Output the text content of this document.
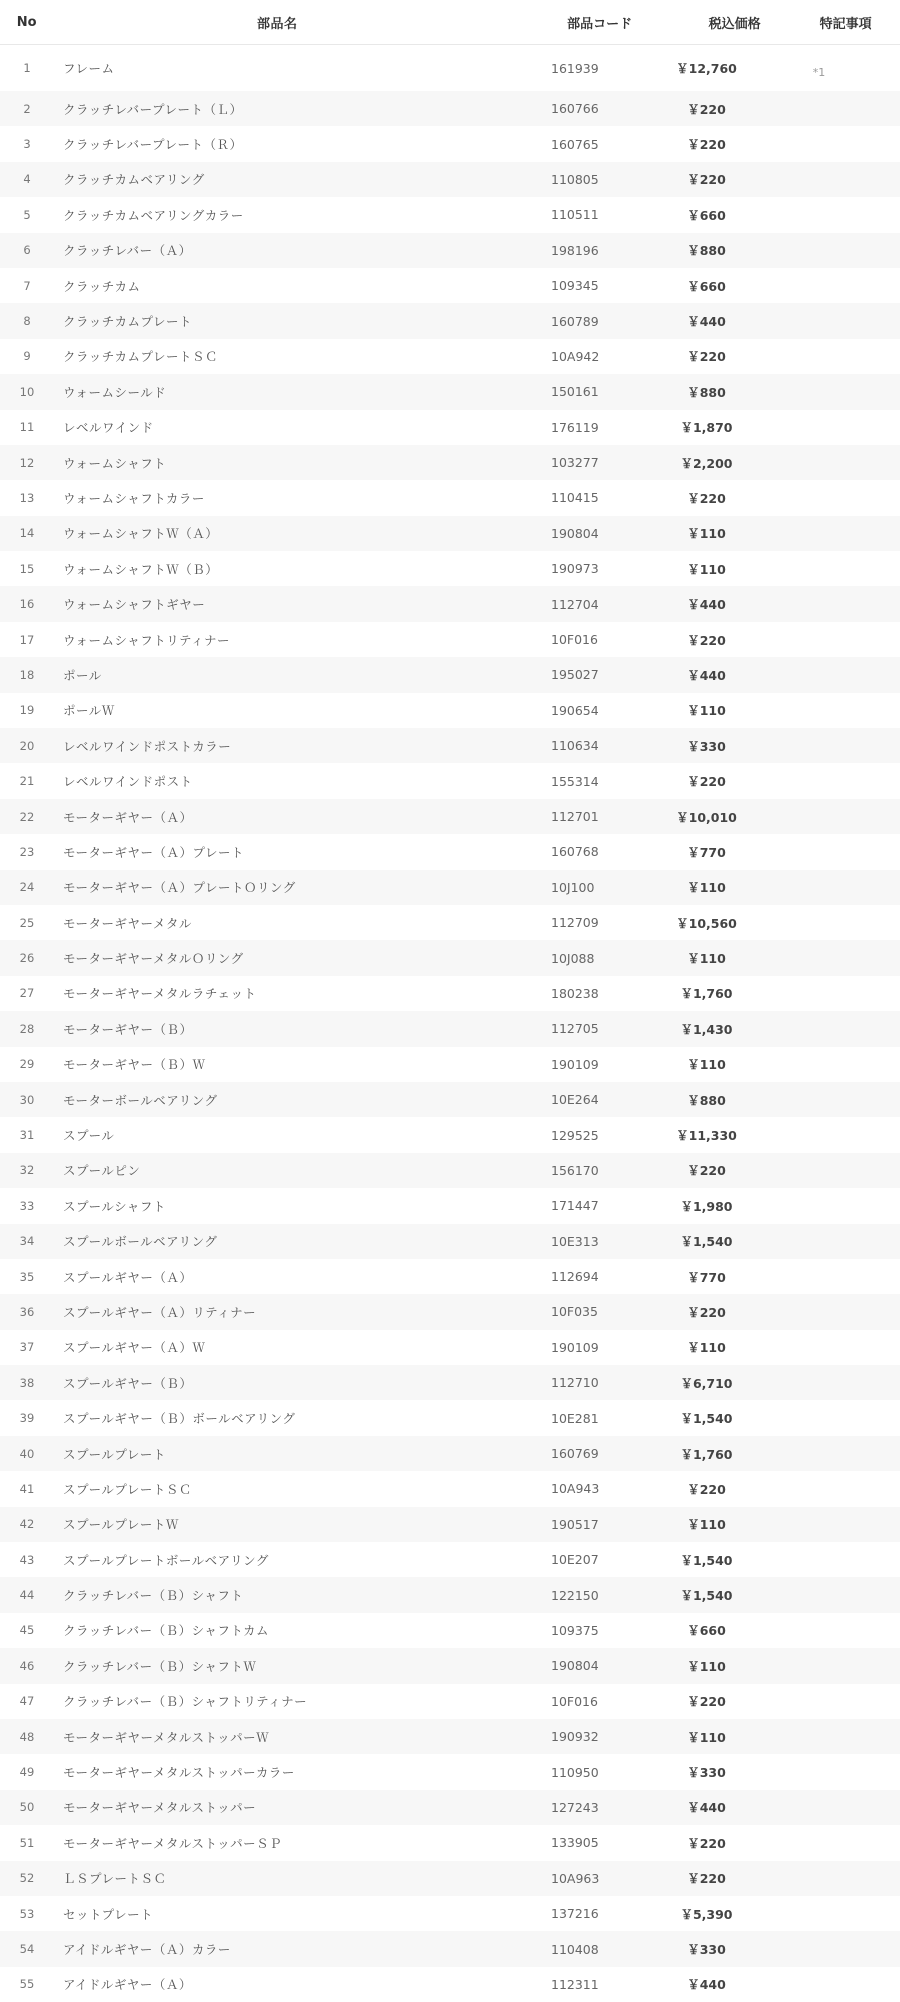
No	部品名	部品コード	税込価格	特記事項
1	フレーム	161939	￥12,760	*1
2	クラッチレバープレート（Ｌ）	160766	￥220
3	クラッチレバープレート（Ｒ）	160765	￥220
4	クラッチカムベアリング	110805	￥220
5	クラッチカムベアリングカラー	110511	￥660
6	クラッチレバー（Ａ）	198196	￥880
7	クラッチカム	109345	￥660
8	クラッチカムプレート	160789	￥440
9	クラッチカムプレートＳＣ	10A942	￥220
10	ウォームシールド	150161	￥880
11	レベルワインド	176119	￥1,870
12	ウォームシャフト	103277	￥2,200
13	ウォームシャフトカラー	110415	￥220
14	ウォームシャフトＷ（Ａ）	190804	￥110
15	ウォームシャフトＷ（Ｂ）	190973	￥110
16	ウォームシャフトギヤー	112704	￥440
17	ウォームシャフトリティナー	10F016	￥220
18	ポール	195027	￥440
19	ポールＷ	190654	￥110
20	レベルワインドポストカラー	110634	￥330
21	レベルワインドポスト	155314	￥220
22	モーターギヤー（Ａ）	112701	￥10,010
23	モーターギヤー（Ａ）プレート	160768	￥770
24	モーターギヤー（Ａ）プレートＯリング	10J100	￥110
25	モーターギヤーメタル	112709	￥10,560
26	モーターギヤーメタルＯリング	10J088	￥110
27	モーターギヤーメタルラチェット	180238	￥1,760
28	モーターギヤー（Ｂ）	112705	￥1,430
29	モーターギヤー（Ｂ）Ｗ	190109	￥110
30	モーターボールベアリング	10E264	￥880
31	スプール	129525	￥11,330
32	スプールピン	156170	￥220
33	スプールシャフト	171447	￥1,980
34	スプールボールベアリング	10E313	￥1,540
35	スプールギヤー（Ａ）	112694	￥770
36	スプールギヤー（Ａ）リティナー	10F035	￥220
37	スプールギヤー（Ａ）Ｗ	190109	￥110
38	スプールギヤー（Ｂ）	112710	￥6,710
39	スプールギヤー（Ｂ）ボールベアリング	10E281	￥1,540
40	スプールプレート	160769	￥1,760
41	スプールプレートＳＣ	10A943	￥220
42	スプールプレートＷ	190517	￥110
43	スプールプレートボールベアリング	10E207	￥1,540
44	クラッチレバー（Ｂ）シャフト	122150	￥1,540
45	クラッチレバー（Ｂ）シャフトカム	109375	￥660
46	クラッチレバー（Ｂ）シャフトＷ	190804	￥110
47	クラッチレバー（Ｂ）シャフトリティナー	10F016	￥220
48	モーターギヤーメタルストッパーＷ	190932	￥110
49	モーターギヤーメタルストッパーカラー	110950	￥330
50	モーターギヤーメタルストッパー	127243	￥440
51	モーターギヤーメタルストッパーＳＰ	133905	￥220
52	ＬＳプレートＳＣ	10A963	￥220
53	セットプレート	137216	￥5,390
54	アイドルギヤー（Ａ）カラー	110408	￥330
55	アイドルギヤー（Ａ）	112311	￥440
